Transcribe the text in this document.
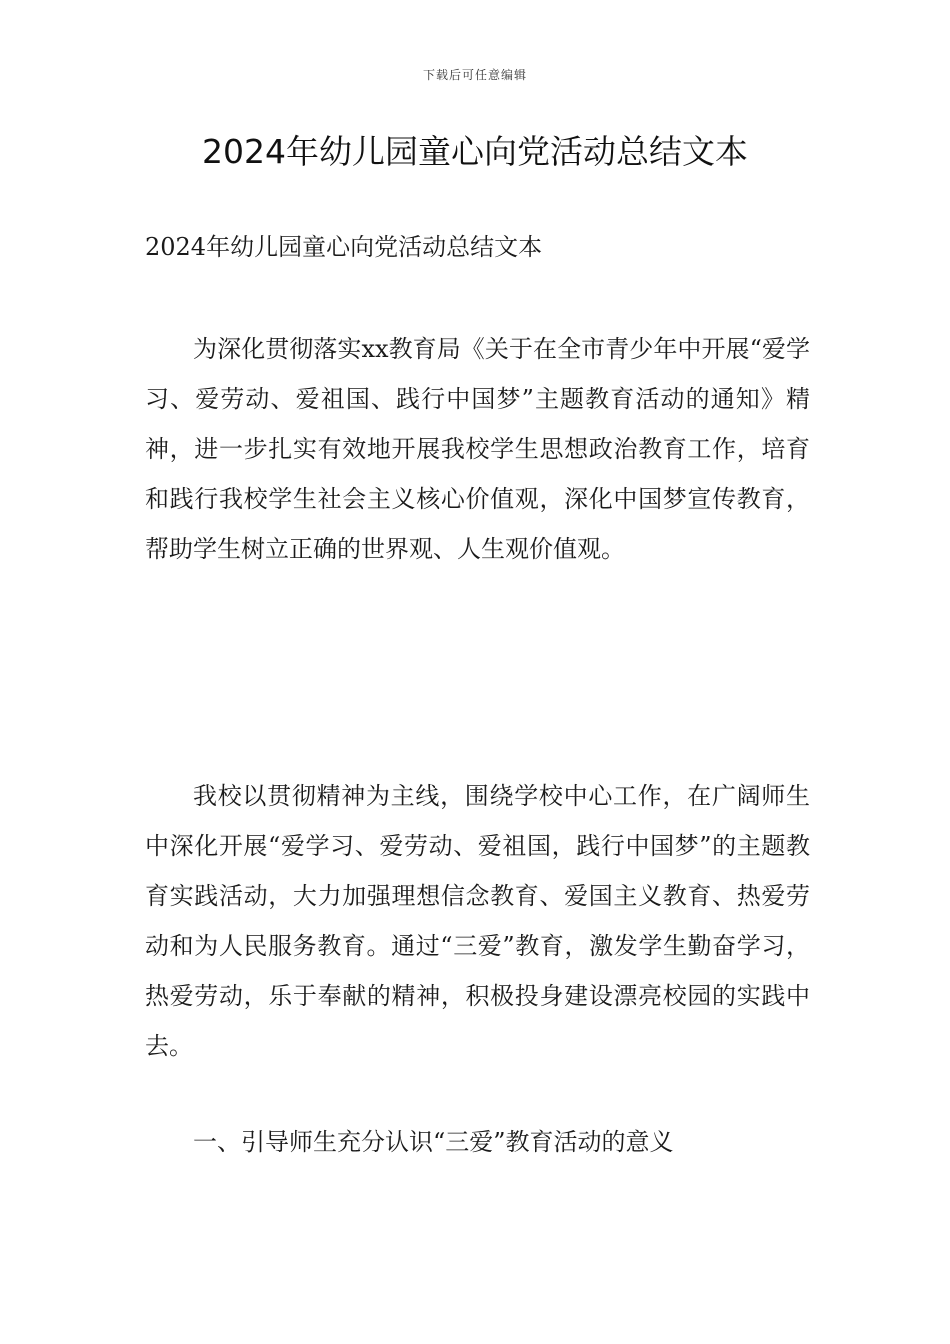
下载后可任意编辑
2024年幼儿园童心向党活动总结文本

2024年幼儿园童心向党活动总结文本

为深化贯彻落实xx教育局《关于在全市青少年中开展“爱学习、爱劳动、爱祖国、践行中国梦”主题教育活动的通知》精神，进一步扎实有效地开展我校学生思想政治教育工作，培育和践行我校学生社会主义核心价值观，深化中国梦宣传教育，帮助学生树立正确的世界观、人生观价值观。

我校以贯彻精神为主线，围绕学校中心工作，在广阔师生中深化开展“爱学习、爱劳动、爱祖国，践行中国梦”的主题教育实践活动，大力加强理想信念教育、爱国主义教育、热爱劳动和为人民服务教育。通过“三爱”教育，激发学生勤奋学习，热爱劳动，乐于奉献的精神，积极投身建设漂亮校园的实践中去。

一、引导师生充分认识“三爱”教育活动的意义
